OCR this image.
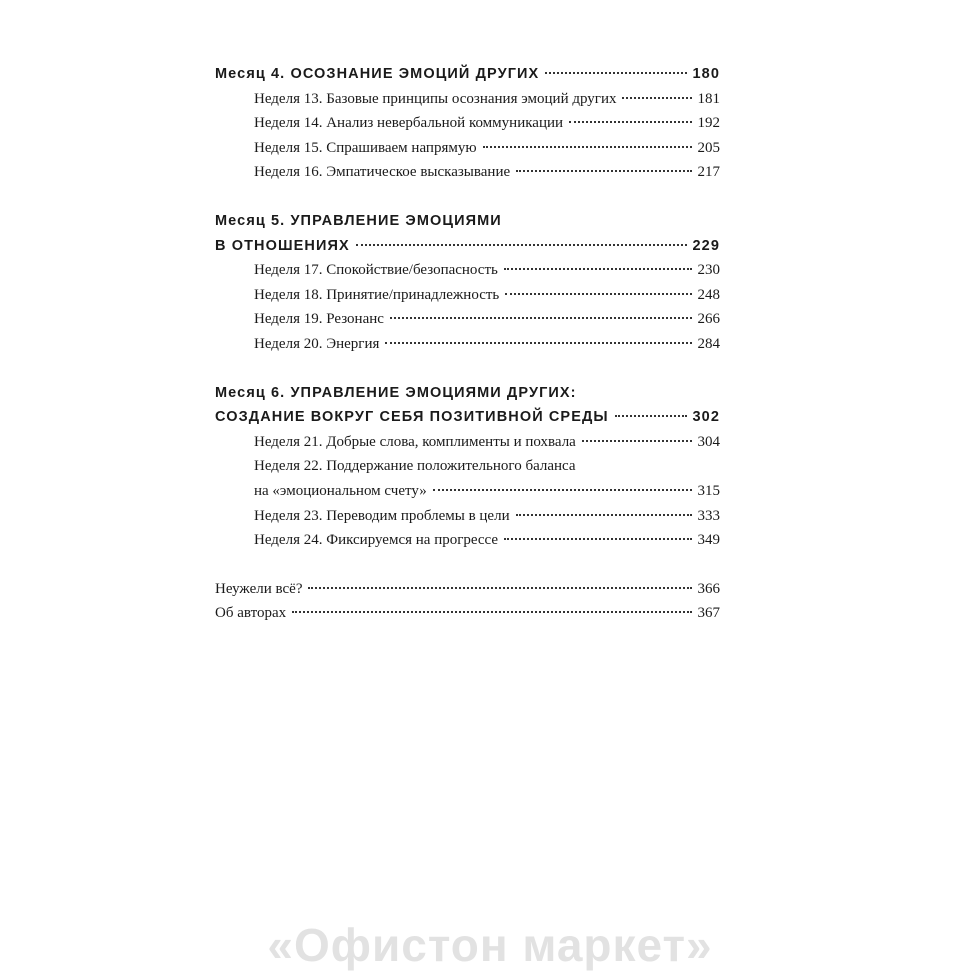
Месяц 4. ОСОЗНАНИЕ ЭМОЦИЙ ДРУГИХ	180
Неделя 13. Базовые принципы осознания эмоций других	181
Неделя 14. Анализ невербальной коммуникации	192
Неделя 15. Спрашиваем напрямую	205
Неделя 16. Эмпатическое высказывание	217
Месяц 5. УПРАВЛЕНИЕ ЭМОЦИЯМИ
В ОТНОШЕНИЯХ	229
Неделя 17. Спокойствие/безопасность	230
Неделя 18. Принятие/принадлежность	248
Неделя 19. Резонанс	266
Неделя 20. Энергия	284
Месяц 6. УПРАВЛЕНИЕ ЭМОЦИЯМИ ДРУГИХ:
СОЗДАНИЕ ВОКРУГ СЕБЯ ПОЗИТИВНОЙ СРЕДЫ	302
Неделя 21. Добрые слова, комплименты и похвала	304
Неделя 22. Поддержание положительного баланса
на «эмоциональном счету»	315
Неделя 23. Переводим проблемы в цели	333
Неделя 24. Фиксируемся на прогрессе	349
Неужели всё?	366
Об авторах	367
«Офистон маркет»
